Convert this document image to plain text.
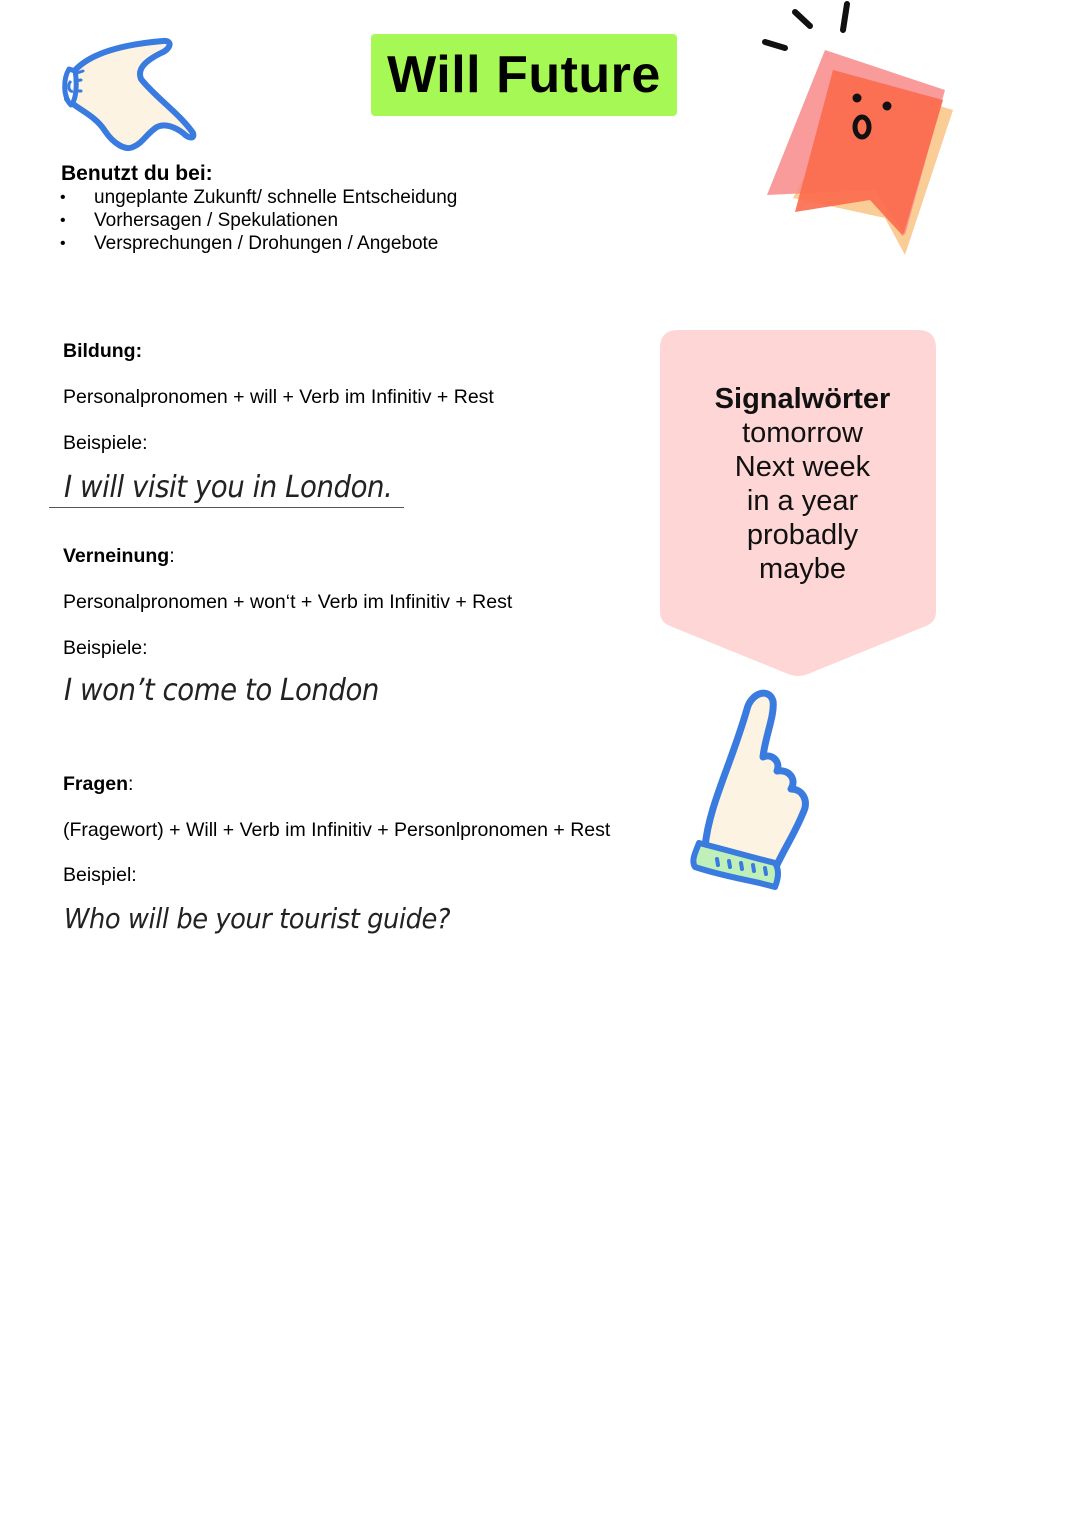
Will Future
Benutzt du bei:
• ungeplante Zukunft/ schnelle Entscheidung
• Vorhersagen / Spekulationen
• Versprechungen / Drohungen / Angebote
Bildung:
Personalpronomen + will + Verb im Infinitiv + Rest
Beispiele:
I will visit you in London.
Verneinung:
Personalpronomen + won‘t + Verb im Infinitiv + Rest
Beispiele:
I won’t come to London
Fragen:
(Fragewort) + Will + Verb im Infinitiv + Personlpronomen + Rest
Beispiel:
Who will be your tourist guide?
Signalwörter
tomorrow
Next week
in a year
probadly
maybe
